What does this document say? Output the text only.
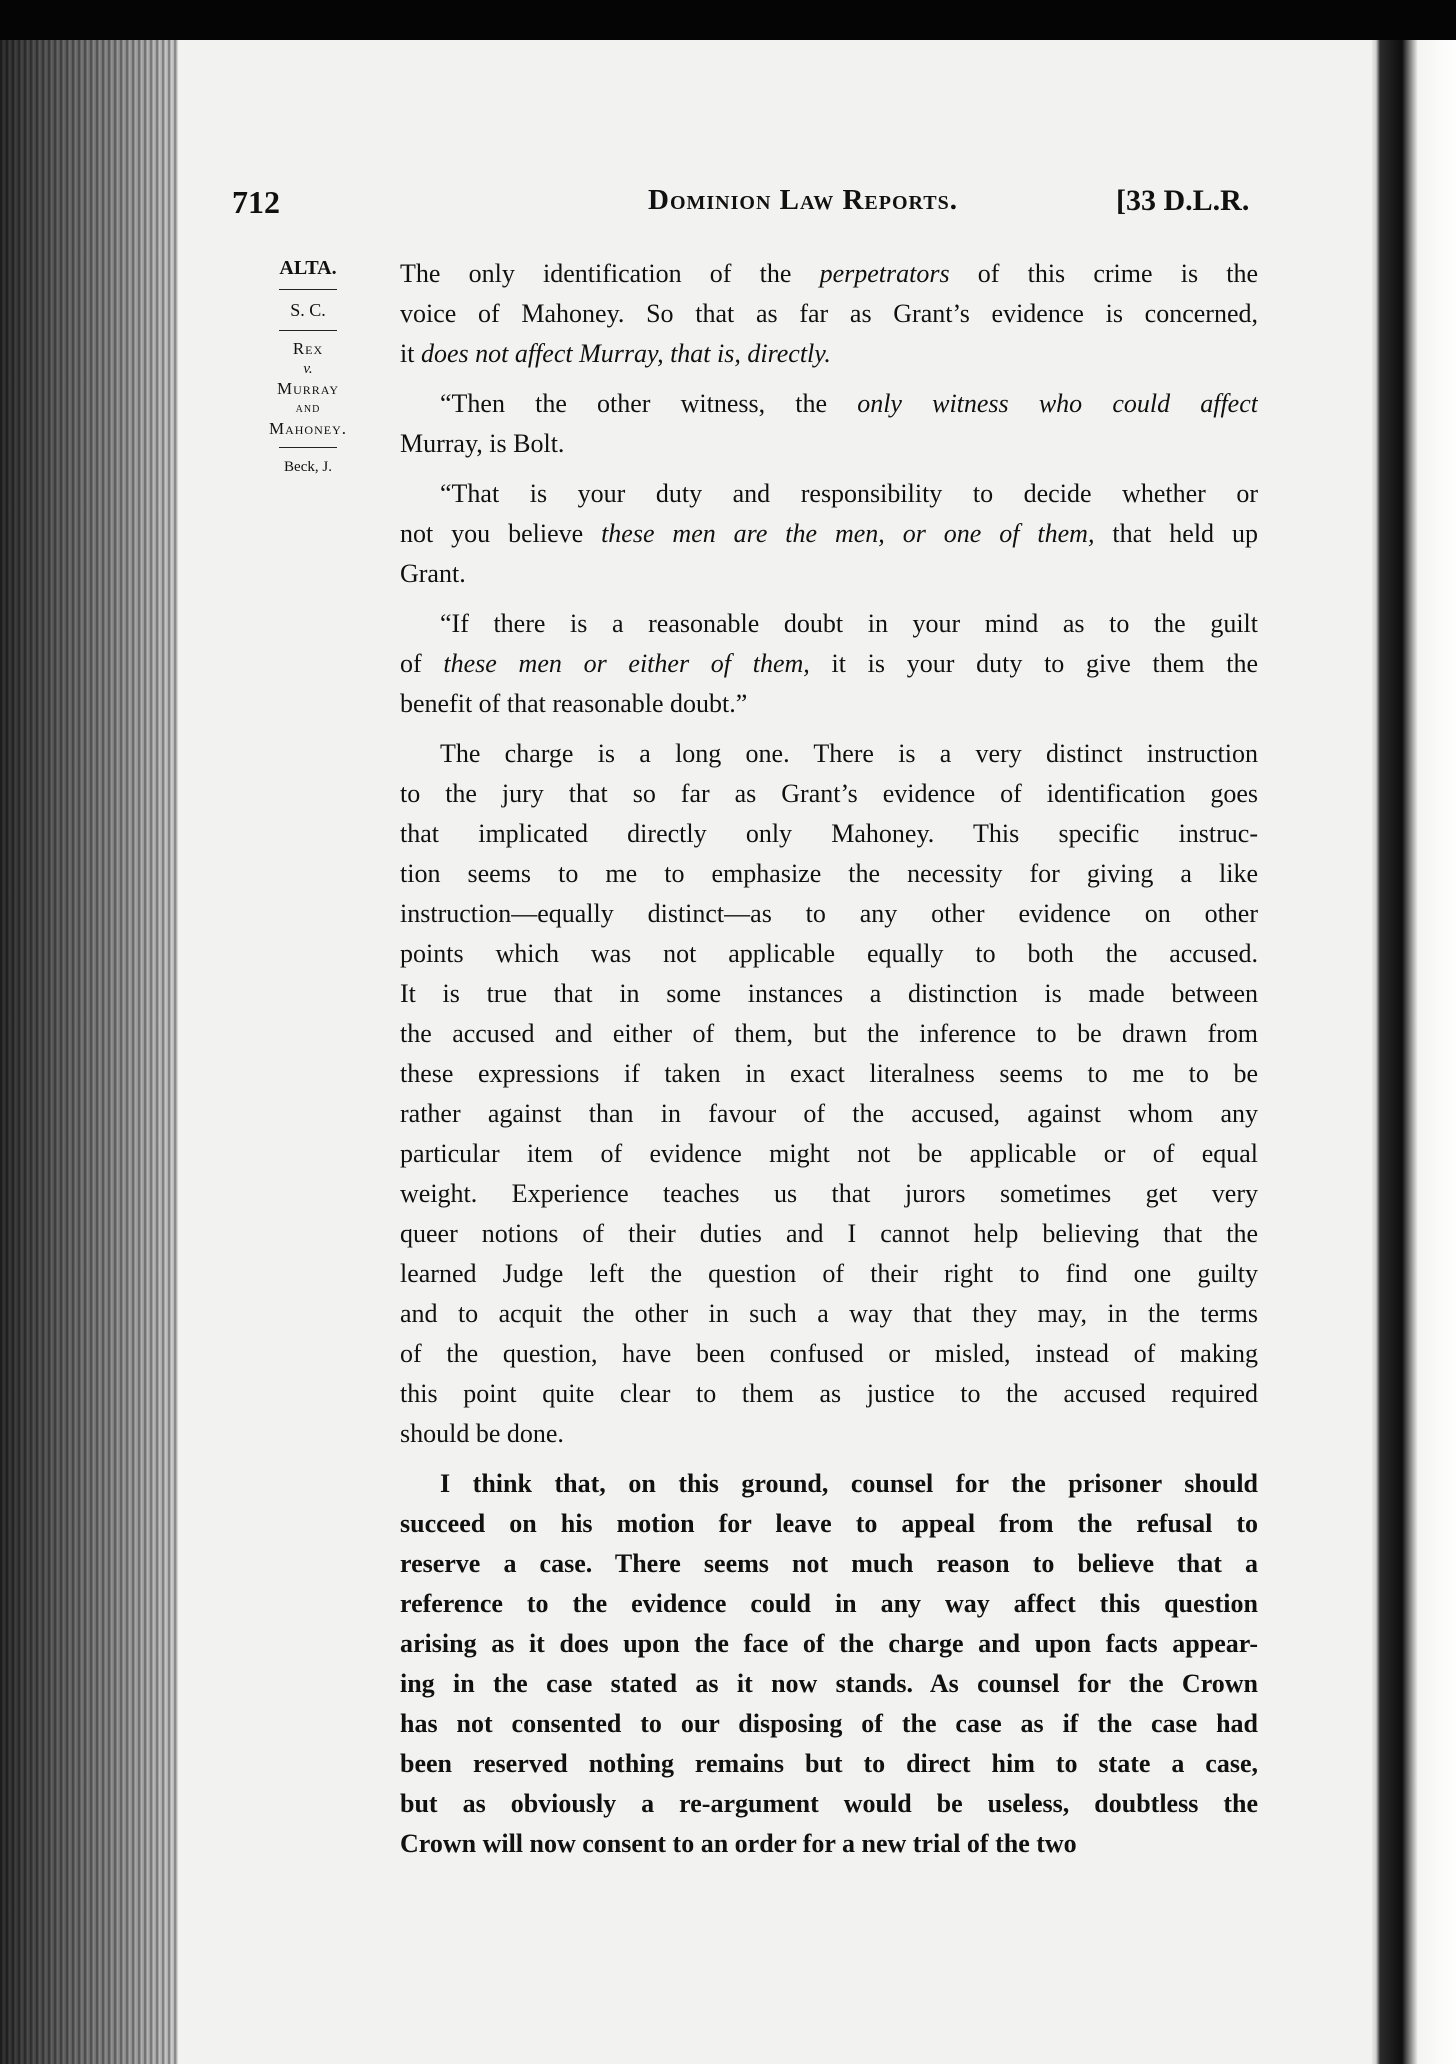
712	Dominion Law Reports.	[33 D.L.R.
ALTA.
S. C.
Rex
v.
Murray
and
Mahoney.
Beck, J.
The only identification of the perpetrators of this crime is the
voice of Mahoney. So that as far as Grant’s evidence is concerned,
it does not affect Murray, that is, directly.
“Then the other witness, the only witness who could affect
Murray, is Bolt.
“That is your duty and responsibility to decide whether or
not you believe these men are the men, or one of them, that held up
Grant.
“If there is a reasonable doubt in your mind as to the guilt
of these men or either of them, it is your duty to give them the
benefit of that reasonable doubt.”
The charge is a long one. There is a very distinct instruction
to the jury that so far as Grant’s evidence of identification goes
that implicated directly only Mahoney. This specific instruc-
tion seems to me to emphasize the necessity for giving a like
instruction—equally distinct—as to any other evidence on other
points which was not applicable equally to both the accused.
It is true that in some instances a distinction is made between
the accused and either of them, but the inference to be drawn from
these expressions if taken in exact literalness seems to me to be
rather against than in favour of the accused, against whom any
particular item of evidence might not be applicable or of equal
weight. Experience teaches us that jurors sometimes get very
queer notions of their duties and I cannot help believing that the
learned Judge left the question of their right to find one guilty
and to acquit the other in such a way that they may, in the terms
of the question, have been confused or misled, instead of making
this point quite clear to them as justice to the accused required
should be done.
I think that, on this ground, counsel for the prisoner should
succeed on his motion for leave to appeal from the refusal to
reserve a case. There seems not much reason to believe that a
reference to the evidence could in any way affect this question
arising as it does upon the face of the charge and upon facts appear-
ing in the case stated as it now stands. As counsel for the Crown
has not consented to our disposing of the case as if the case had
been reserved nothing remains but to direct him to state a case,
but as obviously a re-argument would be useless, doubtless the
Crown will now consent to an order for a new trial of the two
